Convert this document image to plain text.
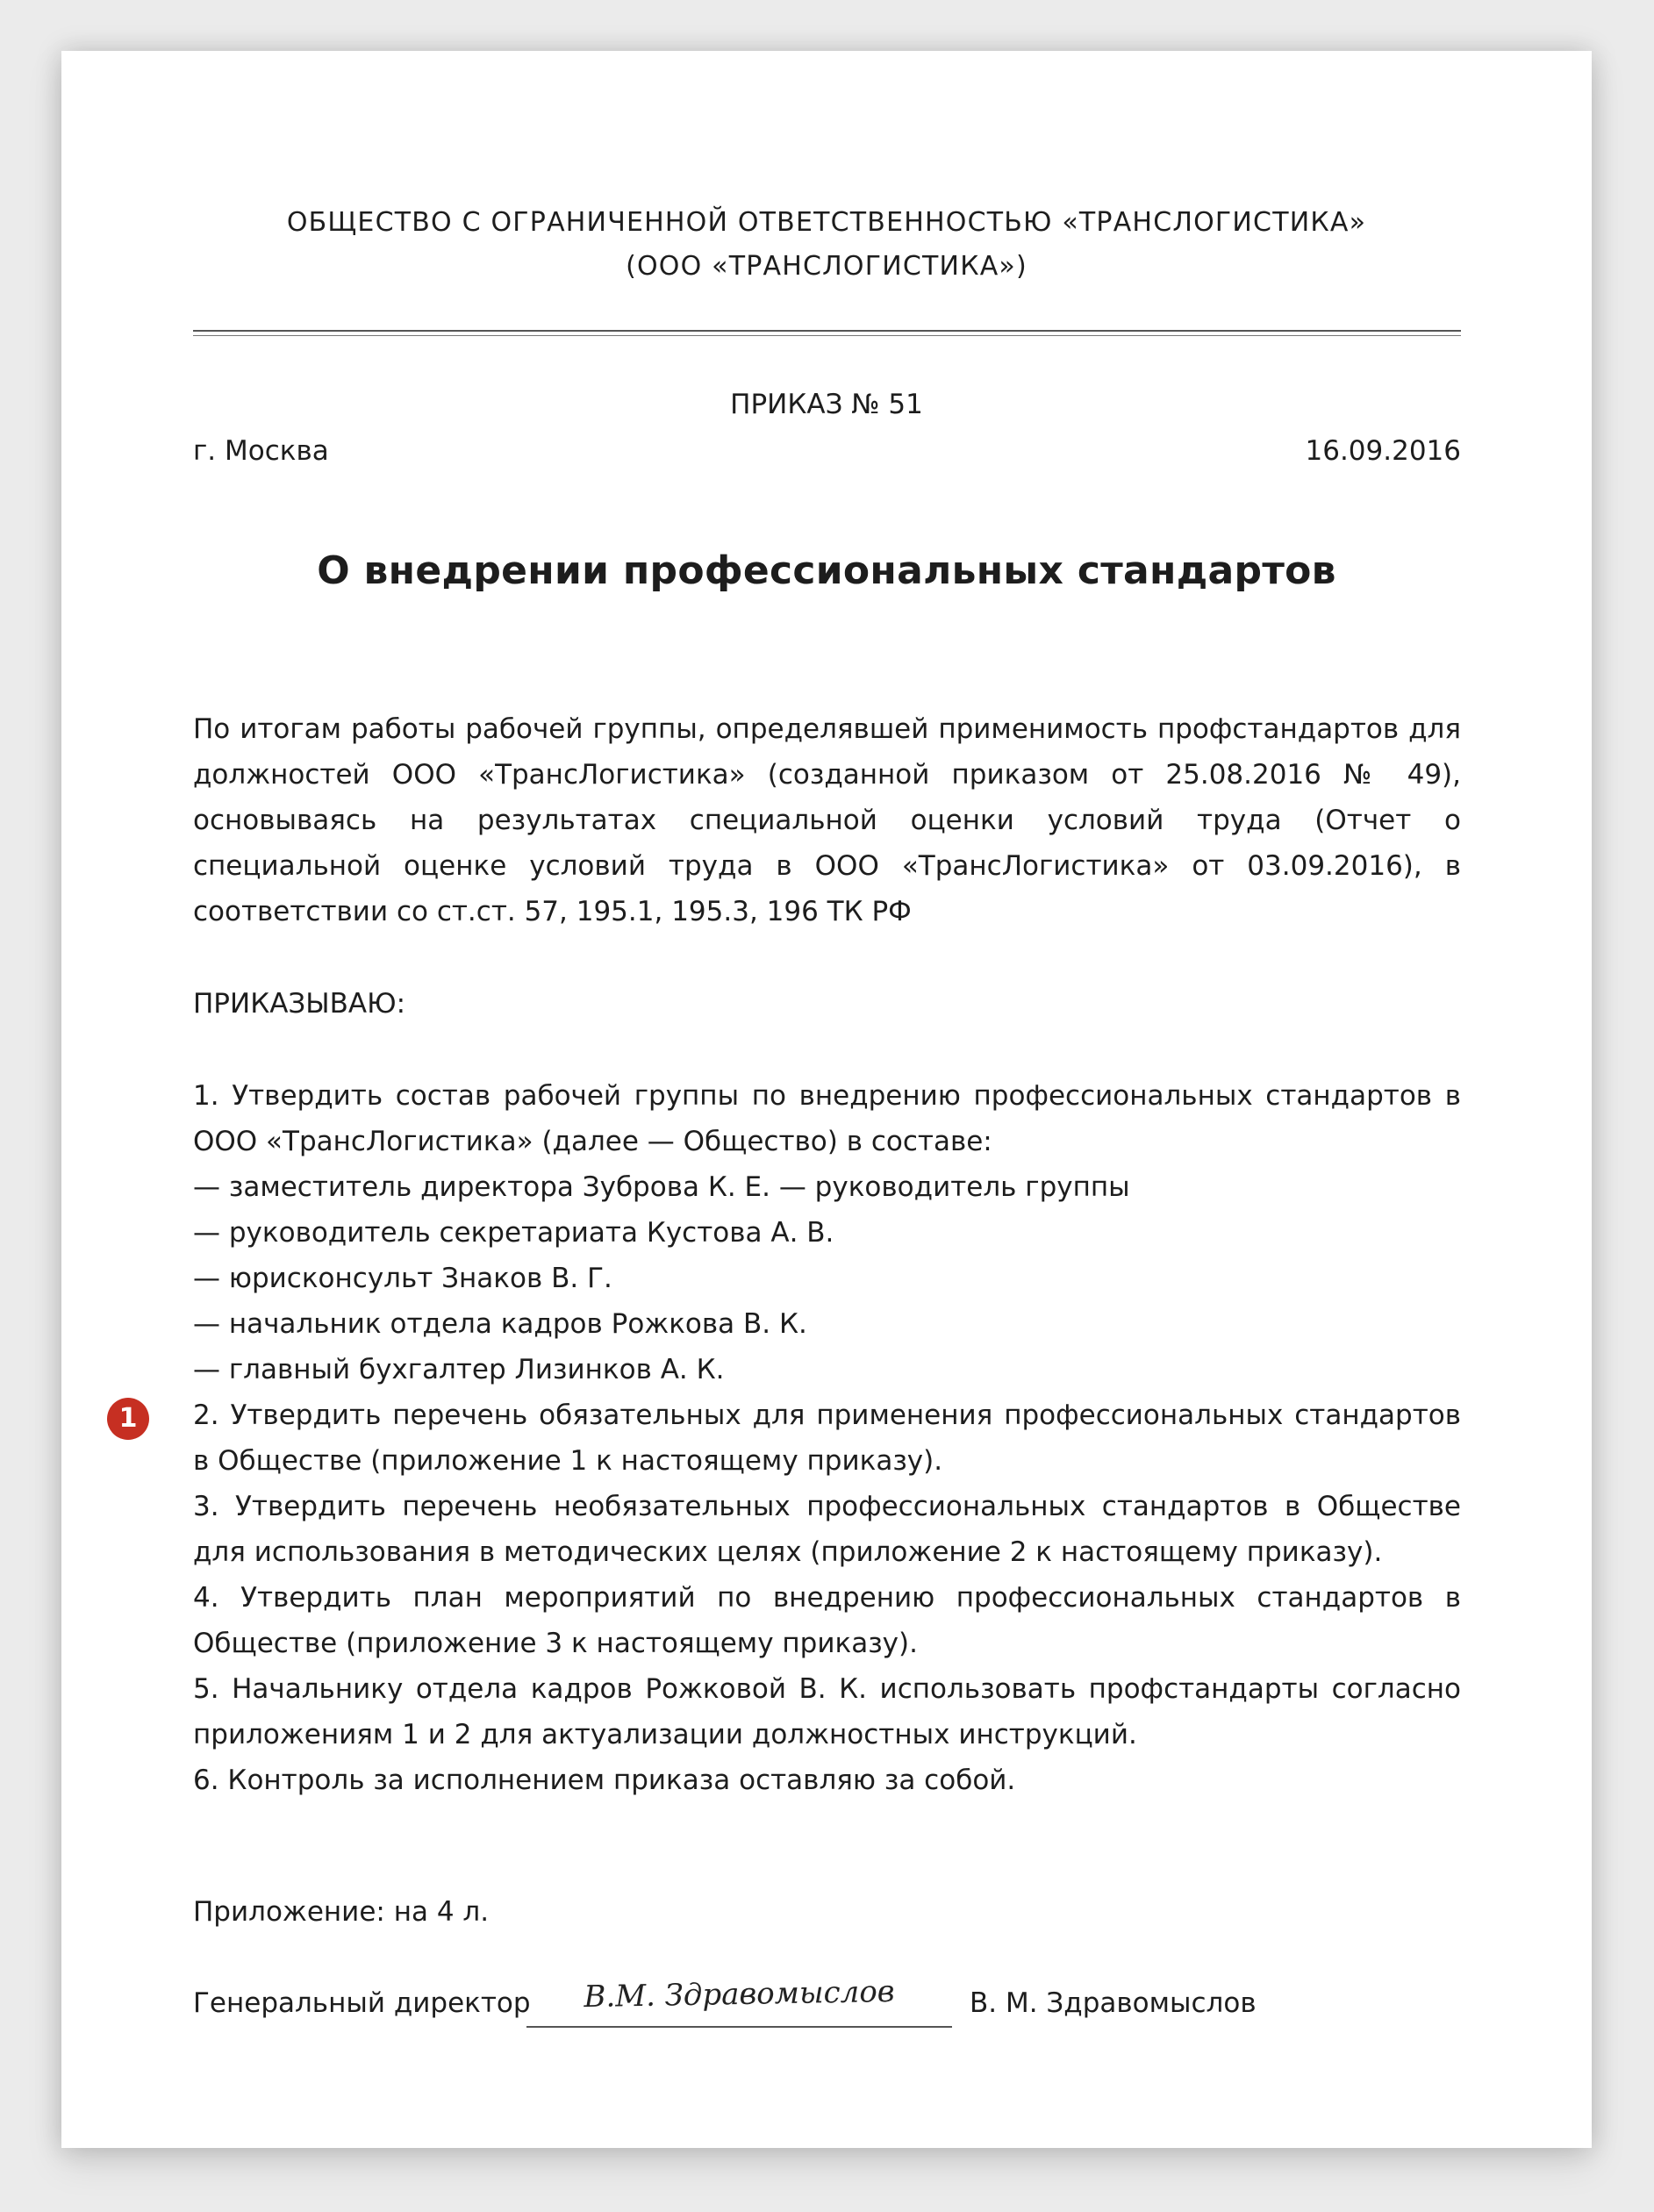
ОБЩЕСТВО С ОГРАНИЧЕННОЙ ОТВЕТСТВЕННОСТЬЮ «ТРАНСЛОГИСТИКА»
(ООО «ТРАНСЛОГИСТИКА»)
ПРИКАЗ № 51
г. Москва	16.09.2016
О внедрении профессиональных стандартов
По итогам работы рабочей группы, определявшей применимость профстандартов для должностей ООО «ТрансЛогистика» (созданной приказом от 25.08.2016 № 49), основываясь на результатах специальной оценки условий труда (Отчет о специальной оценке условий труда в ООО «ТрансЛогистика» от 03.09.2016), в соответствии со ст.ст. 57, 195.1, 195.3, 196 ТК РФ
ПРИКАЗЫВАЮ:
1. Утвердить состав рабочей группы по внедрению профессиональных стандартов в ООО «ТрансЛогистика» (далее — Общество) в составе:
— заместитель директора Зуброва К. Е. — руководитель группы
— руководитель секретариата Кустова А. В.
— юрисконсульт Знаков В. Г.
— начальник отдела кадров Рожкова В. К.
— главный бухгалтер Лизинков А. К.
2. Утвердить перечень обязательных для применения профессиональных стандартов в Обществе (приложение 1 к настоящему приказу).
3. Утвердить перечень необязательных профессиональных стандартов в Обществе для использования в методических целях (приложение 2 к настоящему приказу).
4. Утвердить план мероприятий по внедрению профессиональных стандартов в Обществе (приложение 3 к настоящему приказу).
5. Начальнику отдела кадров Рожковой В. К. использовать профстандарты согласно приложениям 1 и 2 для актуализации должностных инструкций.
6. Контроль за исполнением приказа оставляю за собой.
1
Приложение: на 4 л.
Генеральный директор	В.М. Здравомыслов	В. М. Здравомыслов
